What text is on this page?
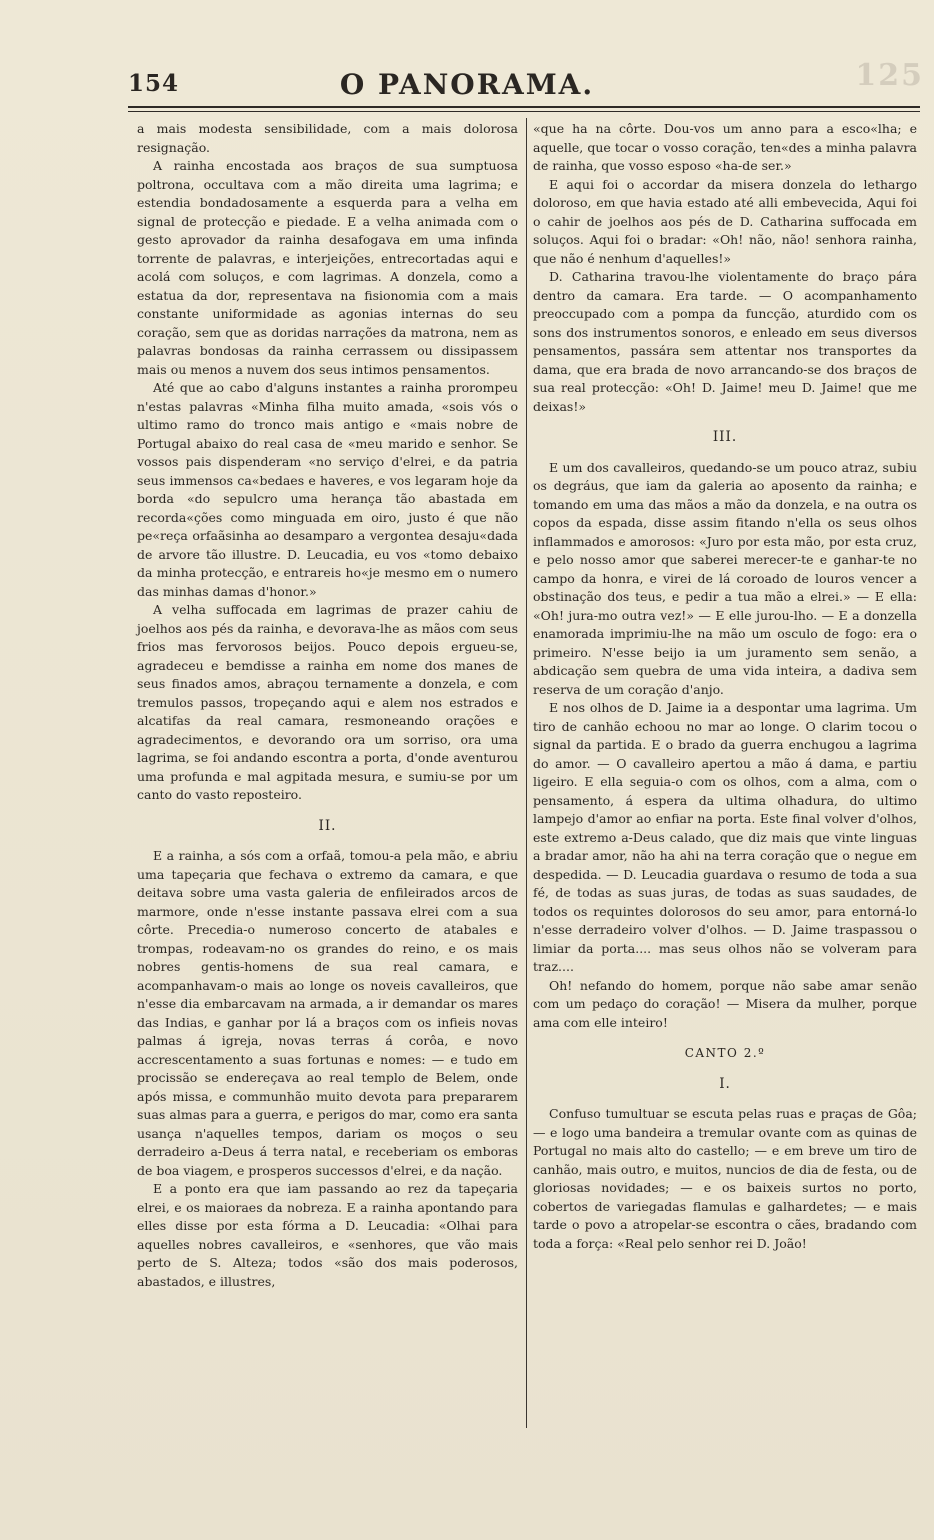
125
154	O PANORAMA.

a mais modesta sensibilidade, com a mais dolorosa resignação.

A rainha encostada aos braços de sua sumptuosa poltrona, occultava com a mão direita uma lagrima; e estendia bondadosamente a esquerda para a velha em signal de protecção e piedade. E a velha animada com o gesto aprovador da rainha desafogava em uma infinda torrente de palavras, e interjeições, entrecortadas aqui e acolá com soluços, e com lagrimas. A donzela, como a estatua da dor, representava na fisionomia com a mais constante uniformidade as agonias internas do seu coração, sem que as doridas narrações da matrona, nem as palavras bondosas da rainha cerrassem ou dissipassem mais ou menos a nuvem dos seus intimos pensamentos.

Até que ao cabo d'alguns instantes a rainha prorompeu n'estas palavras «Minha filha muito amada, «sois vós o ultimo ramo do tronco mais antigo e «mais nobre de Portugal abaixo do real casa de «meu marido e senhor. Se vossos pais dispenderam «no serviço d'elrei, e da patria seus immensos ca«bedaes e haveres, e vos legaram hoje da borda «do sepulcro uma herança tão abastada em recorda«ções como minguada em oiro, justo é que não pe«reça orfaãsinha ao desamparo a vergontea desaju«dada de arvore tão illustre. D. Leucadia, eu vos «tomo debaixo da minha protecção, e entrareis ho«je mesmo em o numero das minhas damas d'honor.»

A velha suffocada em lagrimas de prazer cahiu de joelhos aos pés da rainha, e devorava-lhe as mãos com seus frios mas fervorosos beijos. Pouco depois ergueu-se, agradeceu e bemdisse a rainha em nome dos manes de seus finados amos, abraçou ternamente a donzela, e com tremulos passos, tropeçando aqui e alem nos estrados e alcatifas da real camara, resmoneando orações e agradecimentos, e devorando ora um sorriso, ora uma lagrima, se foi andando escontra a porta, d'onde aventurou uma profunda e mal agpitada mesura, e sumiu-se por um canto do vasto reposteiro.

II.

E a rainha, a sós com a orfaã, tomou-a pela mão, e abriu uma tapeçaria que fechava o extremo da camara, e que deitava sobre uma vasta galeria de enfileirados arcos de marmore, onde n'esse instante passava elrei com a sua côrte. Precedia-o numeroso concerto de atabales e trompas, rodeavam-no os grandes do reino, e os mais nobres gentis-homens de sua real camara, e acompanhavam-o mais ao longe os noveis cavalleiros, que n'esse dia embarcavam na armada, a ir demandar os mares das Indias, e ganhar por lá a braços com os infieis novas palmas á igreja, novas terras á corôa, e novo accrescentamento a suas fortunas e nomes: — e tudo em procissão se endereçava ao real templo de Belem, onde após missa, e communhão muito devota para prepararem suas almas para a guerra, e perigos do mar, como era santa usança n'aquelles tempos, dariam os moços o seu derradeiro a-Deus á terra natal, e receberiam os emboras de boa viagem, e prosperos successos d'elrei, e da nação.

E a ponto era que iam passando ao rez da tapeçaria elrei, e os maioraes da nobreza. E a rainha apontando para elles disse por esta fórma a D. Leucadia: «Olhai para aquelles nobres cavalleiros, e «senhores, que vão mais perto de S. Alteza; todos «são dos mais poderosos, abastados, e illustres,

«que ha na côrte. Dou-vos um anno para a esco«lha; e aquelle, que tocar o vosso coração, ten«des a minha palavra de rainha, que vosso esposo «ha-de ser.»

E aqui foi o accordar da misera donzela do lethargo doloroso, em que havia estado até alli embevecida, Aqui foi o cahir de joelhos aos pés de D. Catharina suffocada em soluços. Aqui foi o bradar: «Oh! não, não! senhora rainha, que não é nenhum d'aquelles!»

D. Catharina travou-lhe violentamente do braço pára dentro da camara. Era tarde. — O acompanhamento preoccupado com a pompa da funcção, aturdido com os sons dos instrumentos sonoros, e enleado em seus diversos pensamentos, passára sem attentar nos transportes da dama, que era brada de novo arrancando-se dos braços de sua real protecção: «Oh! D. Jaime! meu D. Jaime! que me deixas!»

III.

E um dos cavalleiros, quedando-se um pouco atraz, subiu os degráus, que iam da galeria ao aposento da rainha; e tomando em uma das mãos a mão da donzela, e na outra os copos da espada, disse assim fitando n'ella os seus olhos inflammados e amorosos: «Juro por esta mão, por esta cruz, e pelo nosso amor que saberei merecer-te e ganhar-te no campo da honra, e virei de lá coroado de louros vencer a obstinação dos teus, e pedir a tua mão a elrei.» — E ella: «Oh! jura-mo outra vez!» — E elle jurou-lho. — E a donzella enamorada imprimiu-lhe na mão um osculo de fogo: era o primeiro. N'esse beijo ia um juramento sem senão, a abdicação sem quebra de uma vida inteira, a dadiva sem reserva de um coração d'anjo.

E nos olhos de D. Jaime ia a despontar uma lagrima. Um tiro de canhão echoou no mar ao longe. O clarim tocou o signal da partida. E o brado da guerra enchugou a lagrima do amor. — O cavalleiro apertou a mão á dama, e partiu ligeiro. E ella seguia-o com os olhos, com a alma, com o pensamento, á espera da ultima olhadura, do ultimo lampejo d'amor ao enfiar na porta. Este final volver d'olhos, este extremo a-Deus calado, que diz mais que vinte linguas a bradar amor, não ha ahi na terra coração que o negue em despedida. — D. Leucadia guardava o resumo de toda a sua fé, de todas as suas juras, de todas as suas saudades, de todos os requintes dolorosos do seu amor, para entorná-lo n'esse derradeiro volver d'olhos. — D. Jaime traspassou o limiar da porta.... mas seus olhos não se volveram para traz....

Oh! nefando do homem, porque não sabe amar senão com um pedaço do coração! — Misera da mulher, porque ama com elle inteiro!

CANTO 2.º
I.

Confuso tumultuar se escuta pelas ruas e praças de Gôa; — e logo uma bandeira a tremular ovante com as quinas de Portugal no mais alto do castello; — e em breve um tiro de canhão, mais outro, e muitos, nuncios de dia de festa, ou de gloriosas novidades; — e os baixeis surtos no porto, cobertos de variegadas flamulas e galhardetes; — e mais tarde o povo a atropelar-se escontra o cães, bradando com toda a força: «Real pelo senhor rei D. João!
